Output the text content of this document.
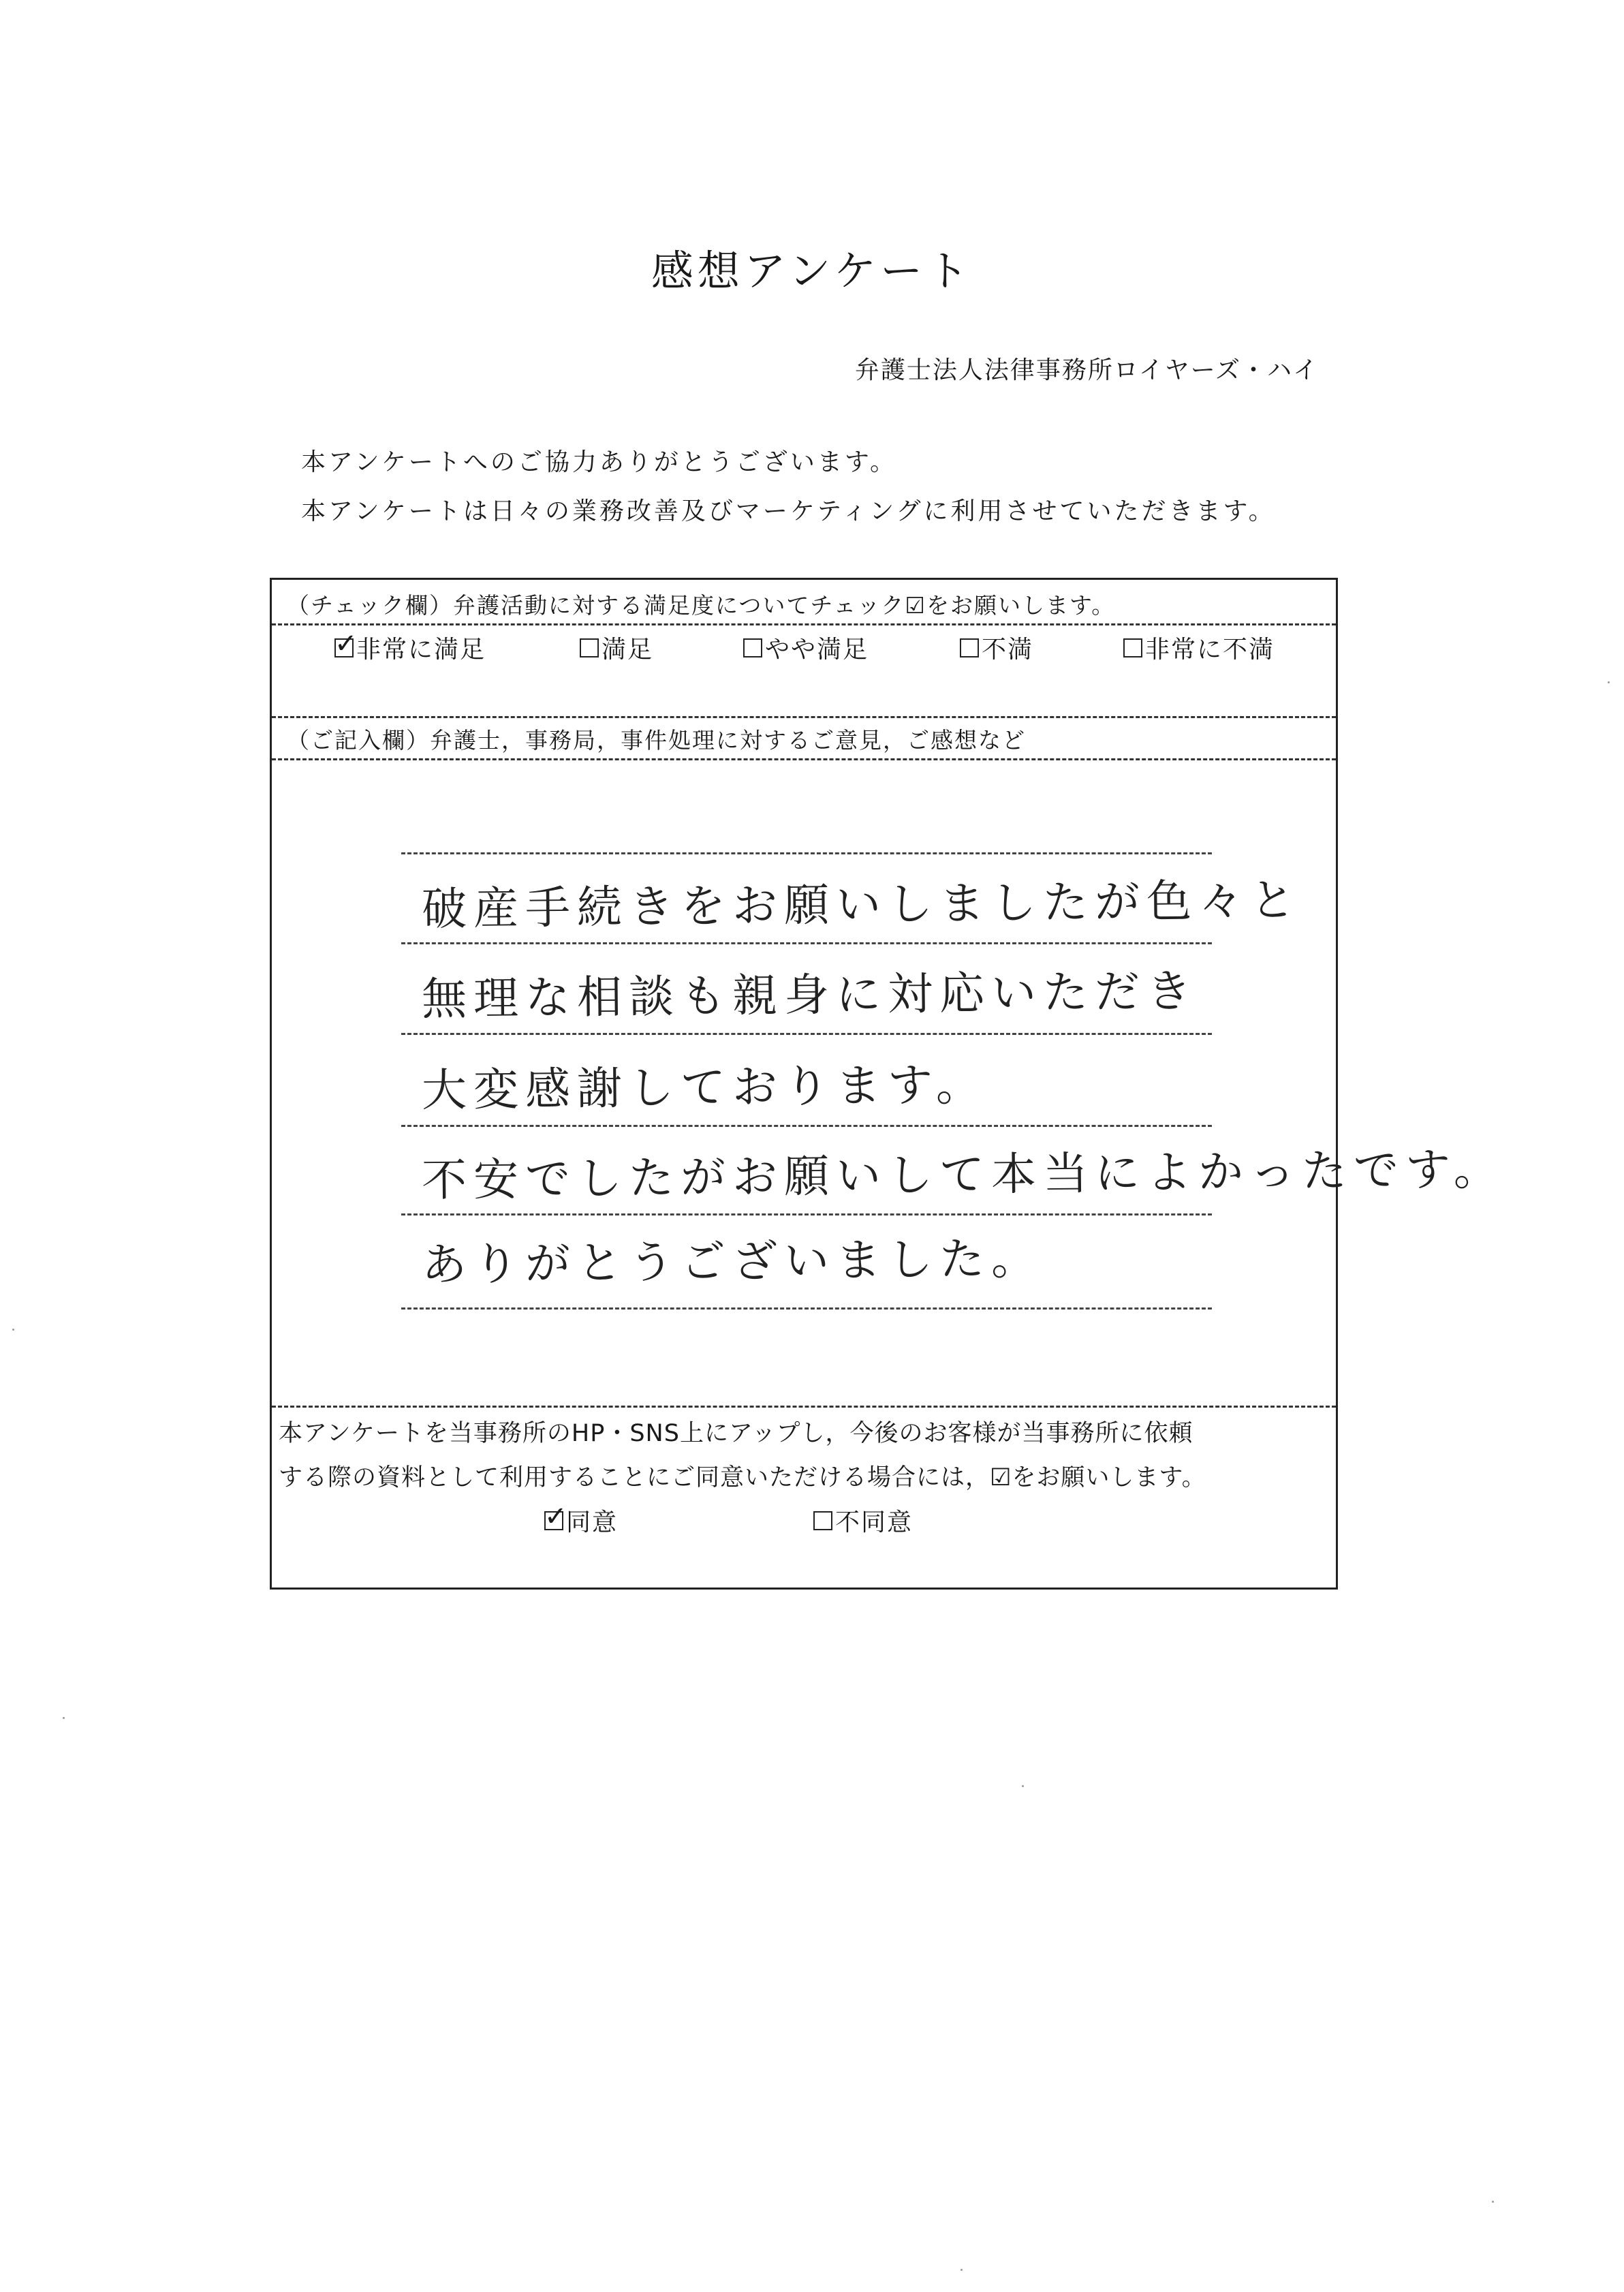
感想アンケート
弁護士法人法律事務所ロイヤーズ・ハイ
本アンケートへのご協力ありがとうございます。
本アンケートは日々の業務改善及びマーケティングに利用させていただきます。
（チェック欄）弁護活動に対する満足度についてチェック☑をお願いします。
✓
非常に満足	満足	やや満足	不満	非常に不満
（ご記入欄）弁護士，事務局，事件処理に対するご意見，ご感想など
破産手続きをお願いしましたが色々と
無理な相談も親身に対応いただき
大変感謝しております。
不安でしたがお願いして本当によかったです。
ありがとうございました。
本アンケートを当事務所のHP・SNS上にアップし，今後のお客様が当事務所に依頼
する際の資料として利用することにご同意いただける場合には，☑をお願いします。
✓
同意	不同意
